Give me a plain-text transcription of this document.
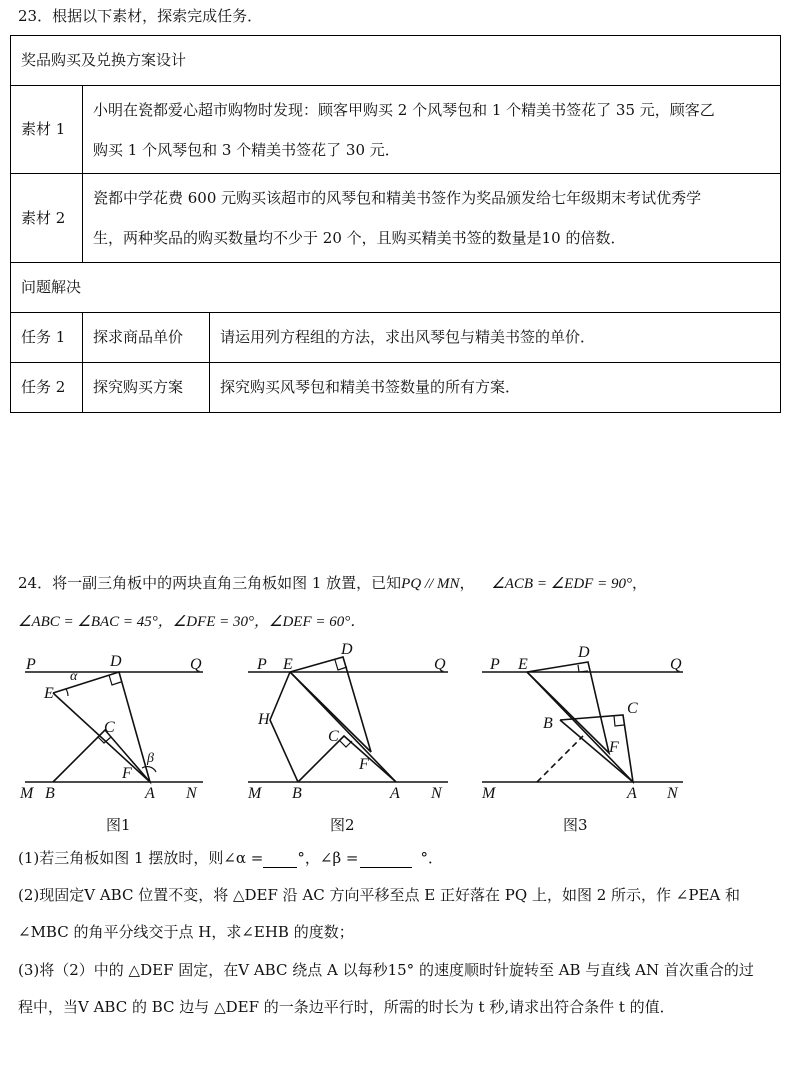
23．根据以下素材，探索完成任务．
奖品购买及兑换方案设计		
素材 1	小明在瓷都爱心超市购物时发现：顾客甲购买 2 个风琴包和 1 个精美书签花了 35 元，顾客乙
购买 1 个风琴包和 3 个精美书签花了 30 元．	

素材 2	瓷都中学花费 600 元购买该超市的风琴包和精美书签作为奖品颁发给七年级期末考试优秀学
生，两种奖品的购买数量均不少于 20 个，且购买精美书签的数量是10 的倍数．	

问题解决		
任务 1	探求商品单价	请运用列方程组的方法，求出风琴包与精美书签的单价．
任务 2	探究购买方案	探究购买风琴包和精美书签数量的所有方案．
24．将一副三角板中的两块直角三角板如图 1 放置，已知PQ // MN， ∠ACB = ∠EDF = 90°，
∠ABC = ∠BAC = 45°，∠DFE = 30°，∠DEF = 60°．
P	D	Q
E
α
C
β
F
M B	A N
P E
D
Q
H
C
F
M B	A N
P E
D
Q
B
C
F
M	A N
图1	图2	图3
(1)若三角板如图 1 摆放时，则∠α = °，∠β =	°．
(2)现固定V ABC 位置不变，将 △DEF 沿 AC 方向平移至点 E 正好落在 PQ 上，如图 2 所示，作 ∠PEA 和
∠MBC 的角平分线交于点 H，求∠EHB 的度数；
(3)将（2）中的 △DEF 固定，在V ABC 绕点 A 以每秒15° 的速度顺时针旋转至 AB 与直线 AN 首次重合的过
程中，当V ABC 的 BC 边与 △DEF 的一条边平行时，所需的时长为 t 秒,请求出符合条件 t 的值．
